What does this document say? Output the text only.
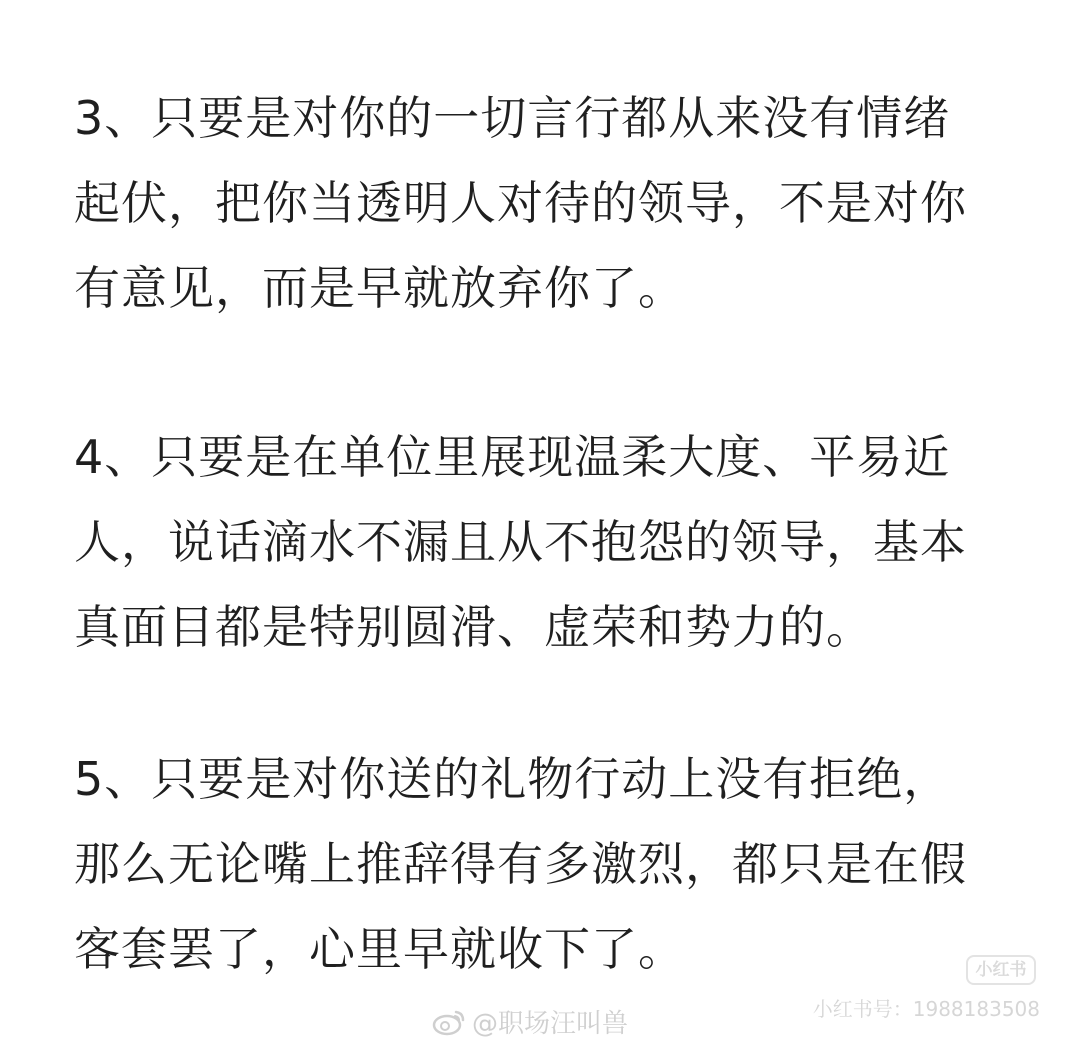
3、只要是对你的一切言行都从来没有情绪
起伏，把你当透明人对待的领导，不是对你
有意见，而是早就放弃你了。
4、只要是在单位里展现温柔大度、平易近
人，说话滴水不漏且从不抱怨的领导，基本
真面目都是特别圆滑、虚荣和势力的。
5、只要是对你送的礼物行动上没有拒绝，
那么无论嘴上推辞得有多激烈，都只是在假
客套罢了，心里早就收下了。	小红书
小红书号：1988183508
@职场汪叫兽
